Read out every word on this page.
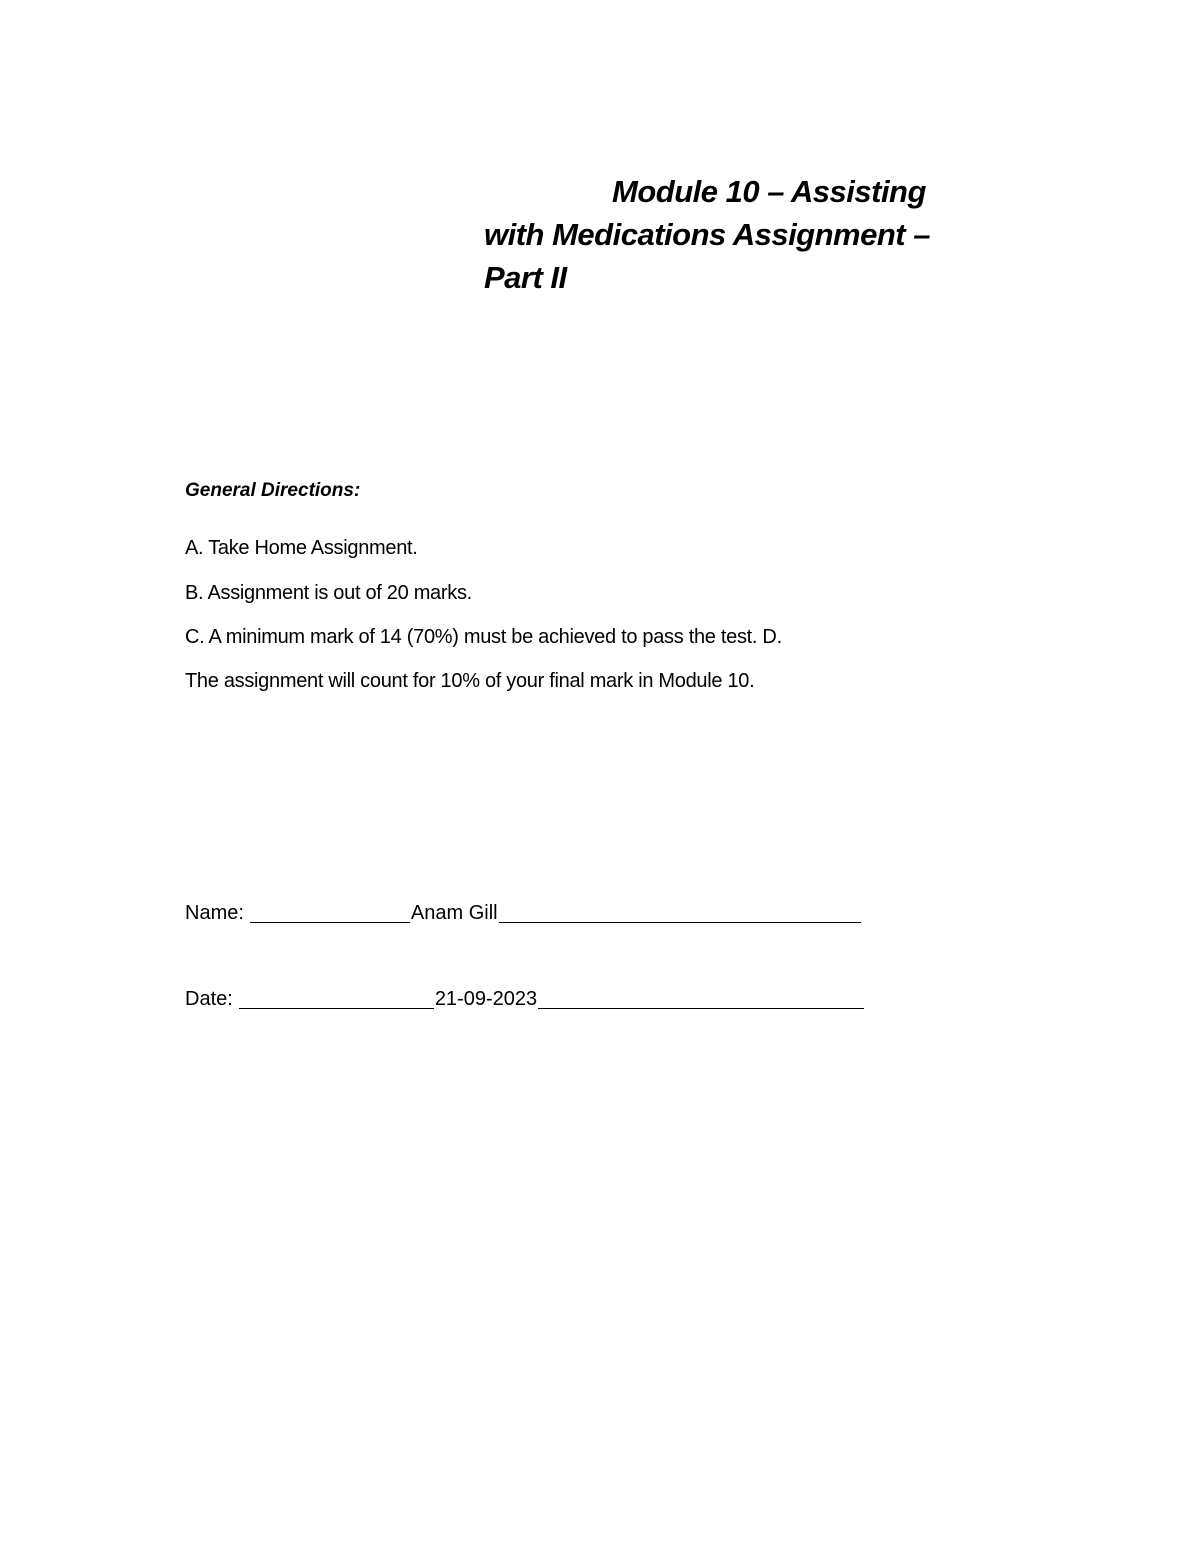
Module 10 – Assisting
with Medications Assignment –
Part II
General Directions:
A. Take Home Assignment.
B. Assignment is out of 20 marks.
C. A minimum mark of 14 (70%) must be achieved to pass the test. D.
The assignment will count for 10% of your final mark in Module 10.
Name:	Anam Gill
Date:	21-09-2023
